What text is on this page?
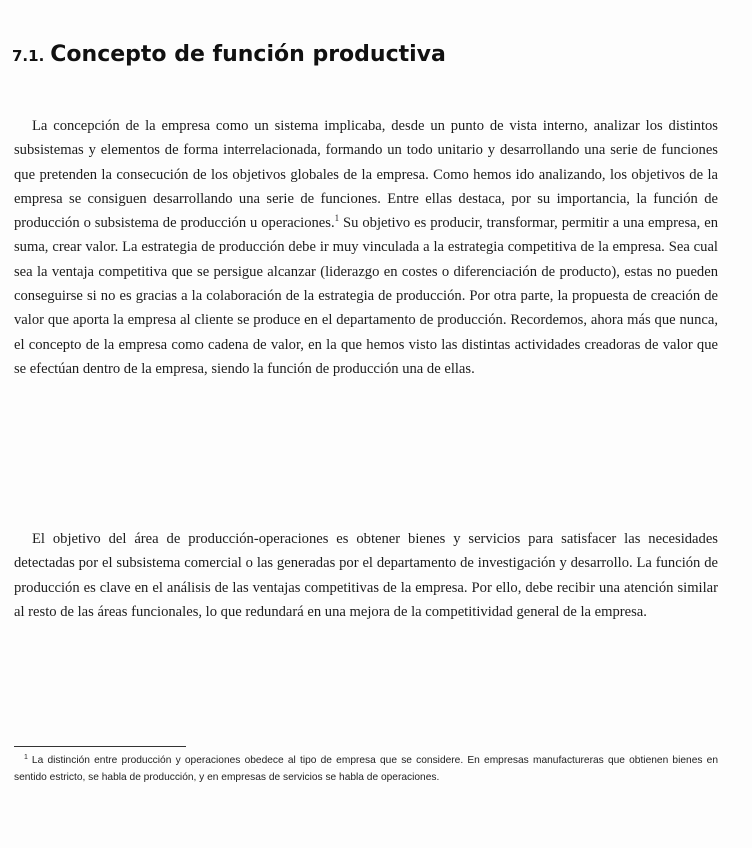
7.1. Concepto de función productiva

La concepción de la empresa como un sistema implicaba, desde un punto de vista interno, analizar los distintos subsistemas y elementos de forma interrelacionada, formando un todo unitario y desarrollando una serie de funciones que pretenden la consecución de los objetivos globales de la empresa. Como hemos ido analizando, los objetivos de la empresa se consiguen desarrollando una serie de funciones. Entre ellas destaca, por su importancia, la función de producción o subsistema de producción u operaciones.$^1$ Su objetivo es producir, transformar, permitir a una empresa, en suma, crear valor. La estrategia de producción debe ir muy vinculada a la estrategia competitiva de la empresa. Sea cual sea la ventaja competitiva que se persigue alcanzar (liderazgo en costes o diferenciación de producto), estas no pueden conseguirse si no es gracias a la colaboración de la estrategia de producción. Por otra parte, la propuesta de creación de valor que aporta la empresa al cliente se produce en el departamento de producción. Recordemos, ahora más que nunca, el concepto de la empresa como cadena de valor, en la que hemos visto las distintas actividades creadoras de valor que se efectúan dentro de la empresa, siendo la función de producción una de ellas.

El objetivo del área de producción-operaciones es obtener bienes y servicios para satisfacer las necesidades detectadas por el subsistema comercial o las generadas por el departamento de investigación y desarrollo. La función de producción es clave en el análisis de las ventajas competitivas de la empresa. Por ello, debe recibir una atención similar al resto de las áreas funcionales, lo que redundará en una mejora de la competitividad general de la empresa.

$^1$ La distinción entre producción y operaciones obedece al tipo de empresa que se considere. En empresas manufactureras que obtienen bienes en sentido estricto, se habla de producción, y en empresas de servicios se habla de operaciones.
